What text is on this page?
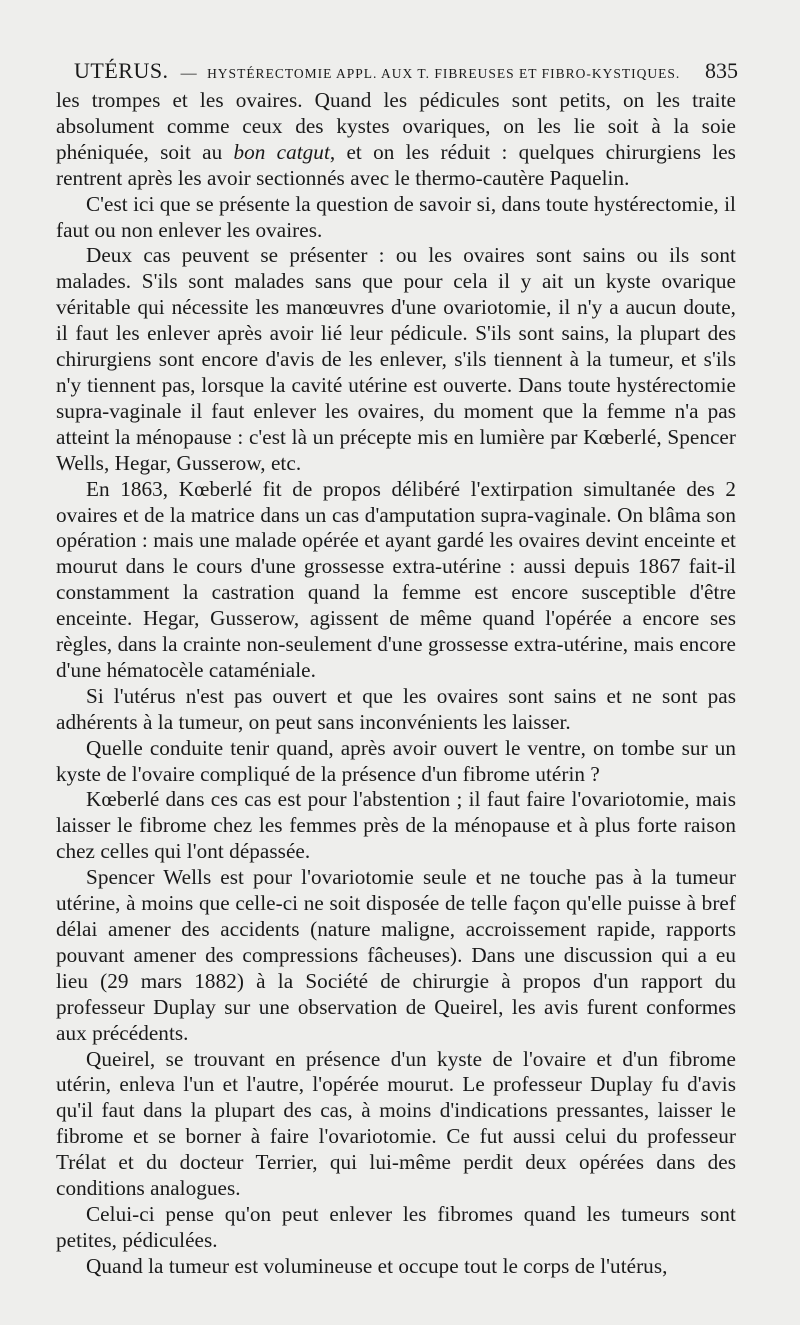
UTÉRUS. — HYSTÉRECTOMIE APPL. AUX T. FIBREUSES ET FIBRO-KYSTIQUES. 835

les trompes et les ovaires. Quand les pédicules sont petits, on les traite absolument comme ceux des kystes ovariques, on les lie soit à la soie phéniquée, soit au bon catgut, et on les réduit : quelques chirurgiens les rentrent après les avoir sectionnés avec le thermo-cautère Paquelin.

C'est ici que se présente la question de savoir si, dans toute hystérectomie, il faut ou non enlever les ovaires.

Deux cas peuvent se présenter : ou les ovaires sont sains ou ils sont malades. S'ils sont malades sans que pour cela il y ait un kyste ovarique véritable qui nécessite les manœuvres d'une ovariotomie, il n'y a aucun doute, il faut les enlever après avoir lié leur pédicule. S'ils sont sains, la plupart des chirurgiens sont encore d'avis de les enlever, s'ils tiennent à la tumeur, et s'ils n'y tiennent pas, lorsque la cavité utérine est ouverte. Dans toute hystérectomie supra-vaginale il faut enlever les ovaires, du moment que la femme n'a pas atteint la ménopause : c'est là un précepte mis en lumière par Kœberlé, Spencer Wells, Hegar, Gusserow, etc.

En 1863, Kœberlé fit de propos délibéré l'extirpation simultanée des 2 ovaires et de la matrice dans un cas d'amputation supra-vaginale. On blâma son opération : mais une malade opérée et ayant gardé les ovaires devint enceinte et mourut dans le cours d'une grossesse extra-utérine : aussi depuis 1867 fait-il constamment la castration quand la femme est encore susceptible d'être enceinte. Hegar, Gusserow, agissent de même quand l'opérée a encore ses règles, dans la crainte non-seulement d'une grossesse extra-utérine, mais encore d'une hématocèle cataméniale.

Si l'utérus n'est pas ouvert et que les ovaires sont sains et ne sont pas adhérents à la tumeur, on peut sans inconvénients les laisser.

Quelle conduite tenir quand, après avoir ouvert le ventre, on tombe sur un kyste de l'ovaire compliqué de la présence d'un fibrome utérin ?

Kœberlé dans ces cas est pour l'abstention ; il faut faire l'ovariotomie, mais laisser le fibrome chez les femmes près de la ménopause et à plus forte raison chez celles qui l'ont dépassée.

Spencer Wells est pour l'ovariotomie seule et ne touche pas à la tumeur utérine, à moins que celle-ci ne soit disposée de telle façon qu'elle puisse à bref délai amener des accidents (nature maligne, accroissement rapide, rapports pouvant amener des compressions fâcheuses). Dans une discussion qui a eu lieu (29 mars 1882) à la Société de chirurgie à propos d'un rapport du professeur Duplay sur une observation de Queirel, les avis furent conformes aux précédents.

Queirel, se trouvant en présence d'un kyste de l'ovaire et d'un fibrome utérin, enleva l'un et l'autre, l'opérée mourut. Le professeur Duplay fu d'avis qu'il faut dans la plupart des cas, à moins d'indications pressantes, laisser le fibrome et se borner à faire l'ovariotomie. Ce fut aussi celui du professeur Trélat et du docteur Terrier, qui lui-même perdit deux opérées dans des conditions analogues.

Celui-ci pense qu'on peut enlever les fibromes quand les tumeurs sont petites, pédiculées.

Quand la tumeur est volumineuse et occupe tout le corps de l'utérus,
